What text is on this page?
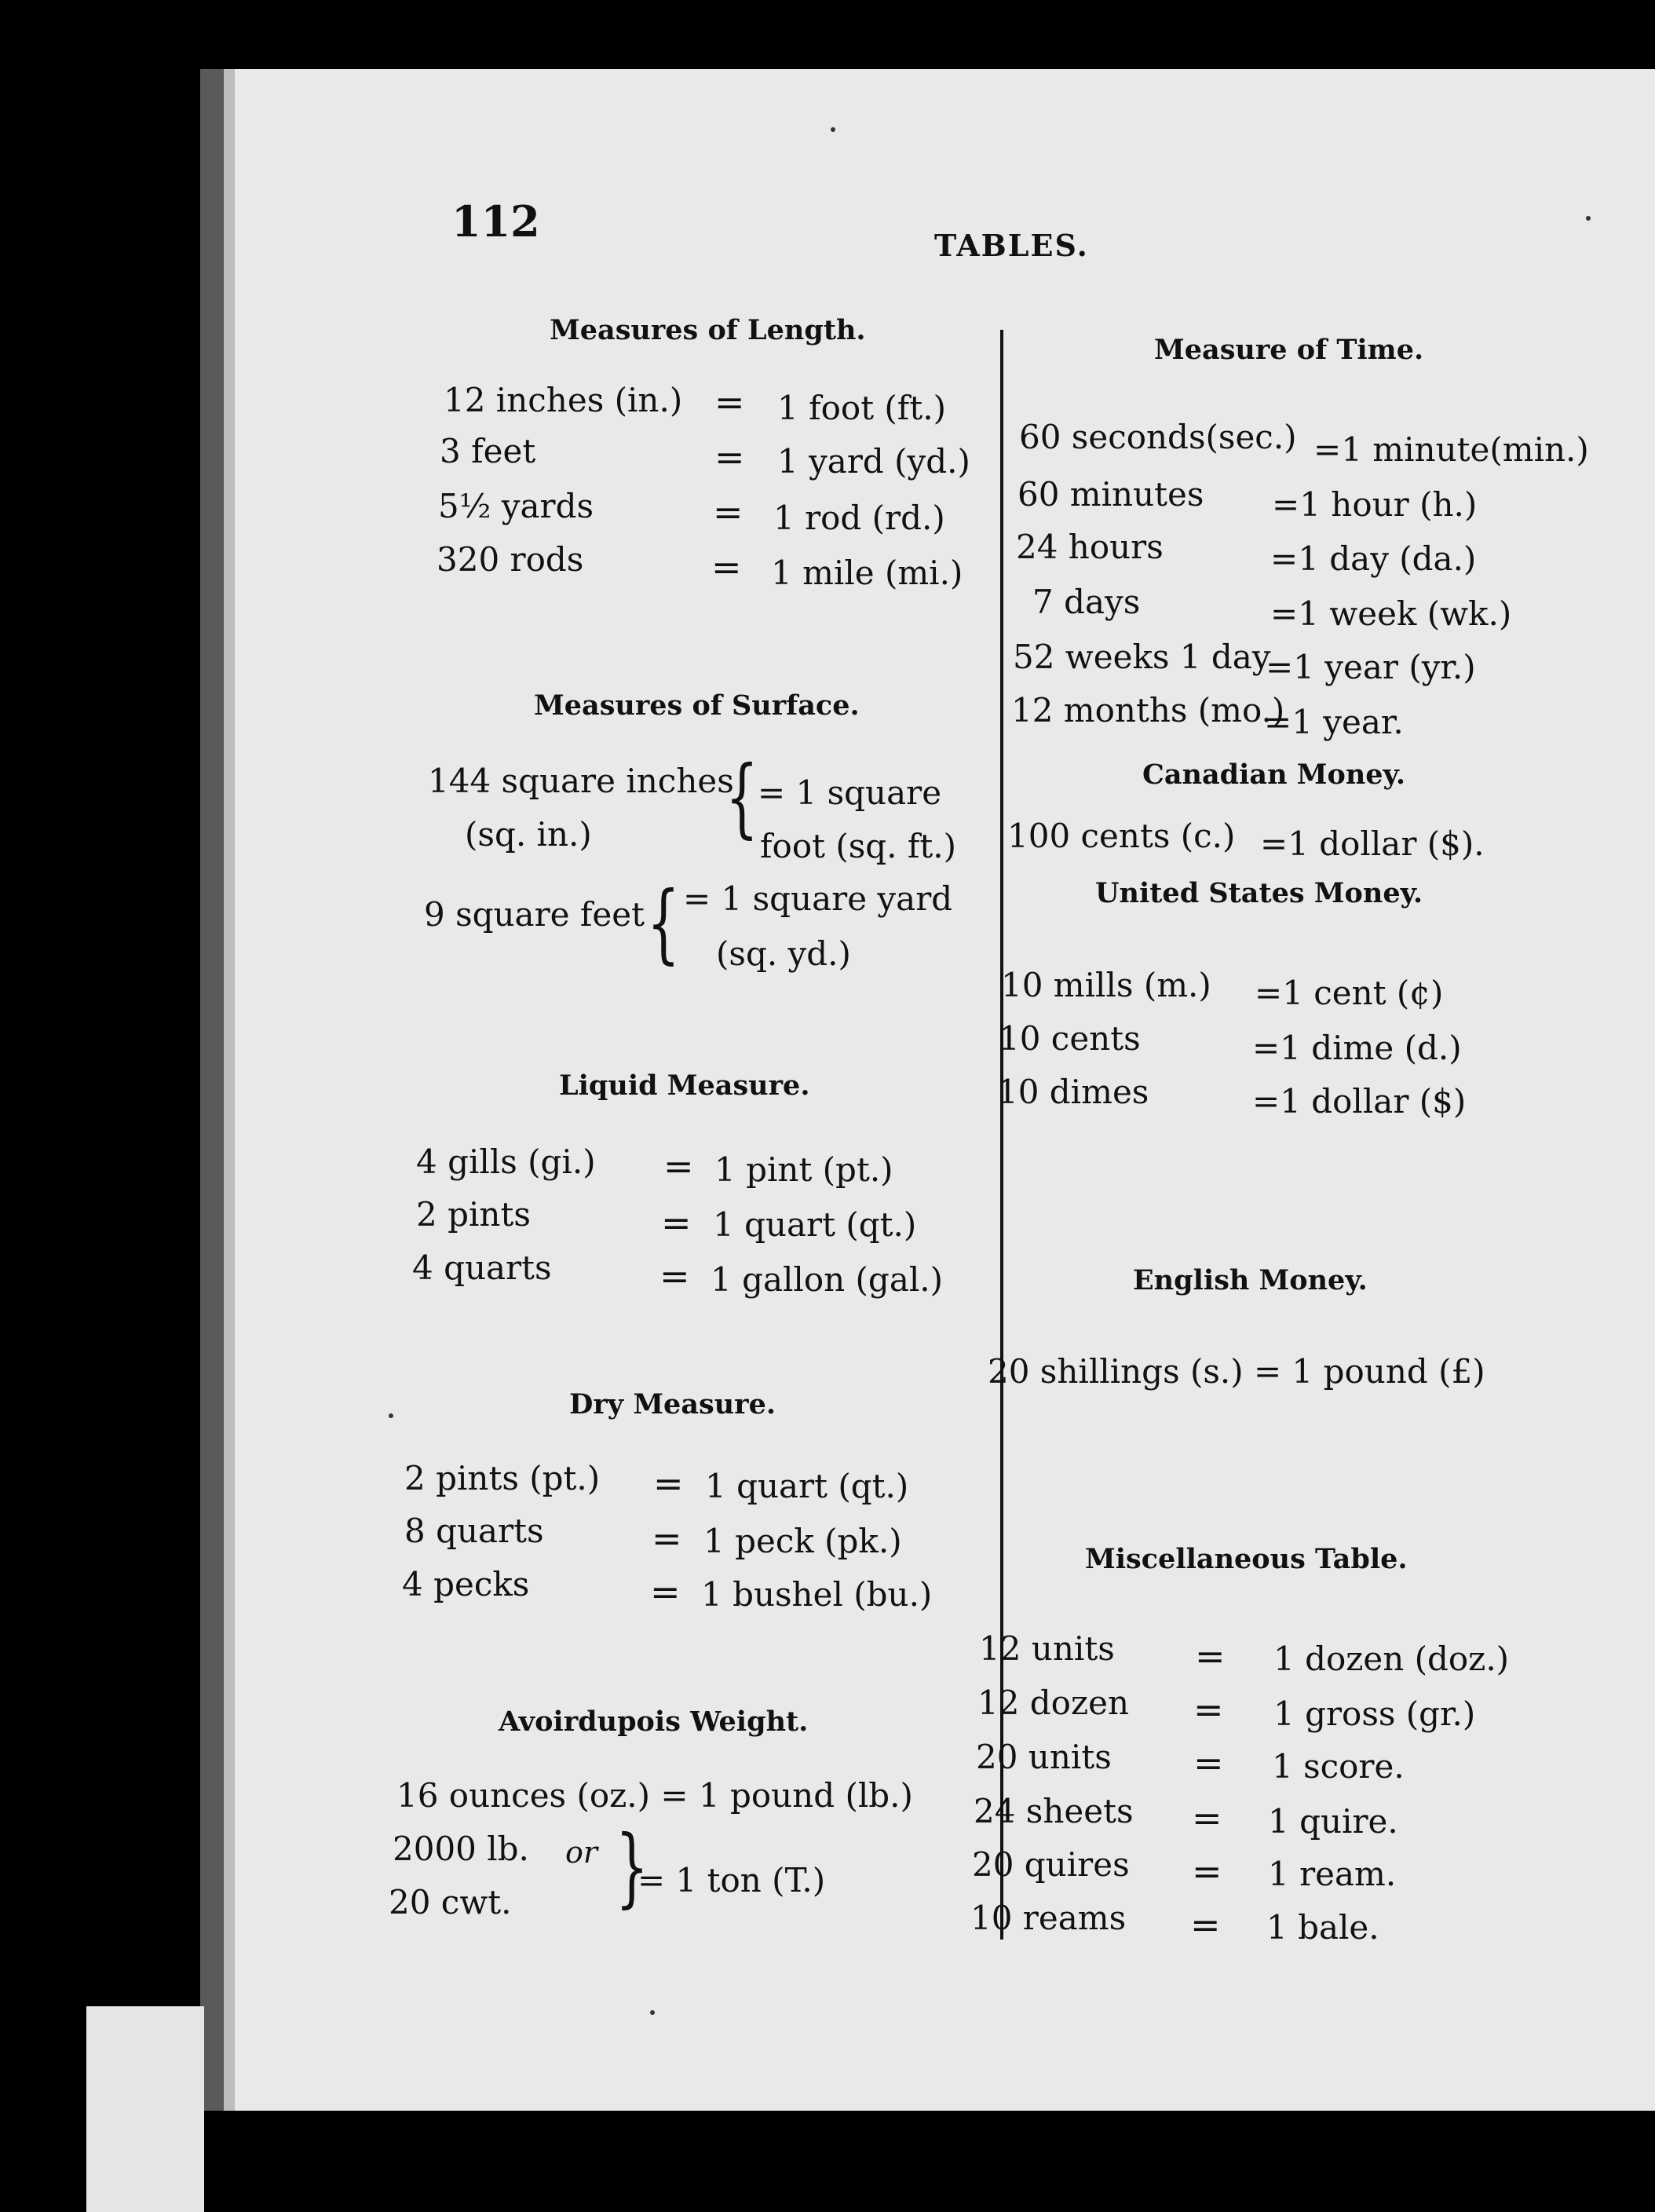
112	TABLES.
Measures of Length.
12 inches (in.) = 1 foot (ft.)
3 feet	= 1 yard (yd.)
5½ yards	= 1 rod (rd.)
320 rods	= 1 mile (mi.)
Measures of Surface.
144 square inches
(sq. in.) { = 1 square
foot (sq. ft.)
9 square feet { = 1 square yard
(sq. yd.)
Liquid Measure.
4 gills (gi.) = 1 pint (pt.)
2 pints	= 1 quart (qt.)
4 quarts	= 1 gallon (gal.)
Dry Measure.
2 pints (pt.) = 1 quart (qt.)
8 quarts	= 1 peck (pk.)
4 pecks	= 1 bushel (bu.)
Avoirdupois Weight.
16 ounces (oz.) = 1 pound (lb.)
2000 lb. or
20 cwt. }
= 1 ton (T.)
Measure of Time.
60 seconds(sec.) =1 minute(min.)
60 minutes =1 hour (h.)
24 hours	=1 day (da.)
7 days	=1 week (wk.)
52 weeks 1 day
=1 year (yr.)
12 months (mo.)
=1 year.
Canadian Money.
100 cents (c.) =1 dollar ($).
United States Money.
10 mills (m.) =1 cent (¢)
10 cents	=1 dime (d.)
10 dimes	=1 dollar ($)
English Money.
20 shillings (s.) = 1 pound (£)
Miscellaneous Table.
12 units = 1 dozen (doz.)
12 dozen = 1 gross (gr.)
20 units = 1 score.
24 sheets = 1 quire.
20 quires = 1 ream.
10 reams = 1 bale.
